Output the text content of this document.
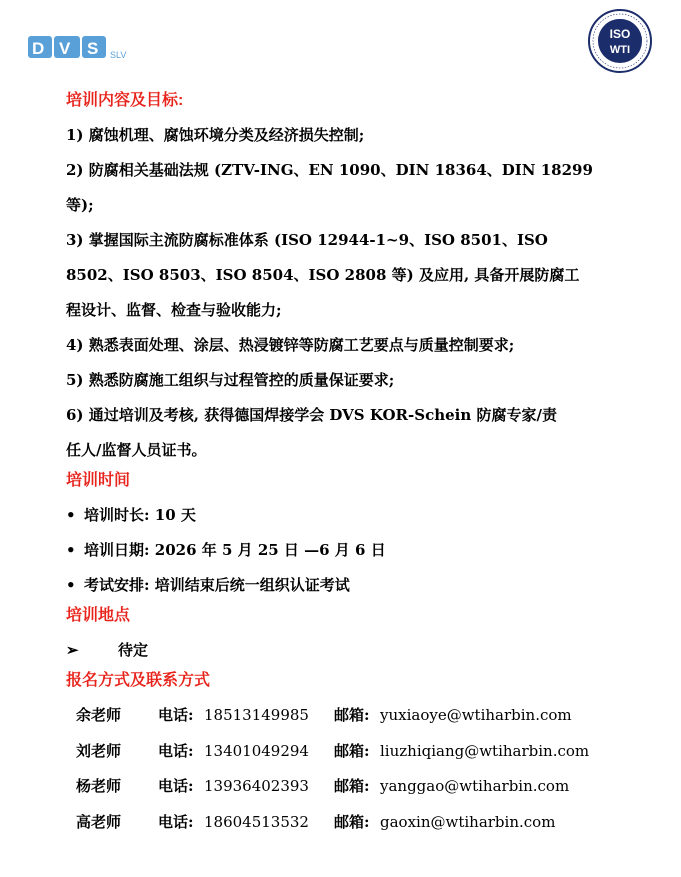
D V S SLV
ISO
WTI
培训内容及目标:

1) 腐蚀机理、腐蚀环境分类及经济损失控制;

2) 防腐相关基础法规 (ZTV-ING、EN 1090、DIN 18364、DIN 18299

等);

3) 掌握国际主流防腐标准体系 (ISO 12944-1~9、ISO 8501、ISO

8502、ISO 8503、ISO 8504、ISO 2808 等) 及应用, 具备开展防腐工

程设计、监督、检查与验收能力;

4) 熟悉表面处理、涂层、热浸镀锌等防腐工艺要点与质量控制要求;

5) 熟悉防腐施工组织与过程管控的质量保证要求;

6) 通过培训及考核, 获得德国焊接学会 DVS KOR-Schein 防腐专家/责

任人/监督人员证书。

培训时间

• 培训时长: 10 天

• 培训日期: 2026 年 5 月 25 日 —6 月 6 日

• 考试安排: 培训结束后统一组织认证考试

培训地点

➢	待定

报名方式及联系方式
余老师 电话: 18513149985 邮箱: yuxiaoye@wtiharbin.com
刘老师 电话: 13401049294 邮箱: liuzhiqiang@wtiharbin.com
杨老师 电话: 13936402393 邮箱: yanggao@wtiharbin.com
高老师 电话: 18604513532 邮箱: gaoxin@wtiharbin.com
